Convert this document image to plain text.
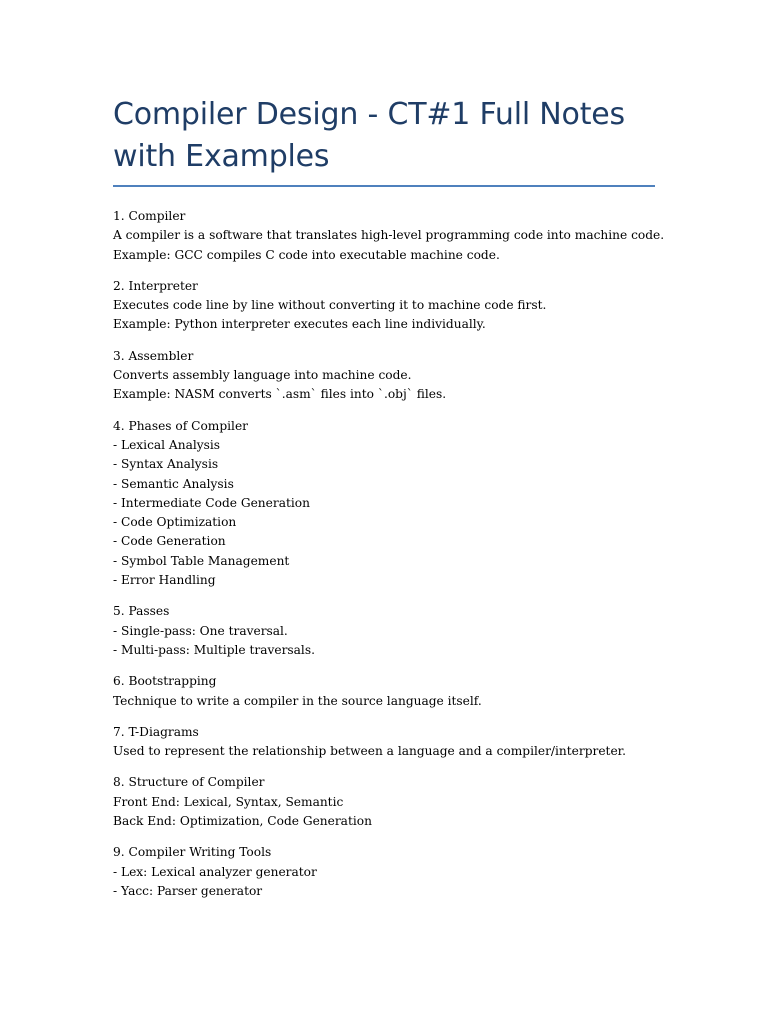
Compiler Design - CT#1 Full Notes with Examples
1. Compiler
A compiler is a software that translates high-level programming code into machine code.
Example: GCC compiles C code into executable machine code.
2. Interpreter
Executes code line by line without converting it to machine code first.
Example: Python interpreter executes each line individually.
3. Assembler
Converts assembly language into machine code.
Example: NASM converts `.asm` files into `.obj` files.
4. Phases of Compiler
- Lexical Analysis
- Syntax Analysis
- Semantic Analysis
- Intermediate Code Generation
- Code Optimization
- Code Generation
- Symbol Table Management
- Error Handling
5. Passes
- Single-pass: One traversal.
- Multi-pass: Multiple traversals.
6. Bootstrapping
Technique to write a compiler in the source language itself.
7. T-Diagrams
Used to represent the relationship between a language and a compiler/interpreter.
8. Structure of Compiler
Front End: Lexical, Syntax, Semantic
Back End: Optimization, Code Generation
9. Compiler Writing Tools
- Lex: Lexical analyzer generator
- Yacc: Parser generator
